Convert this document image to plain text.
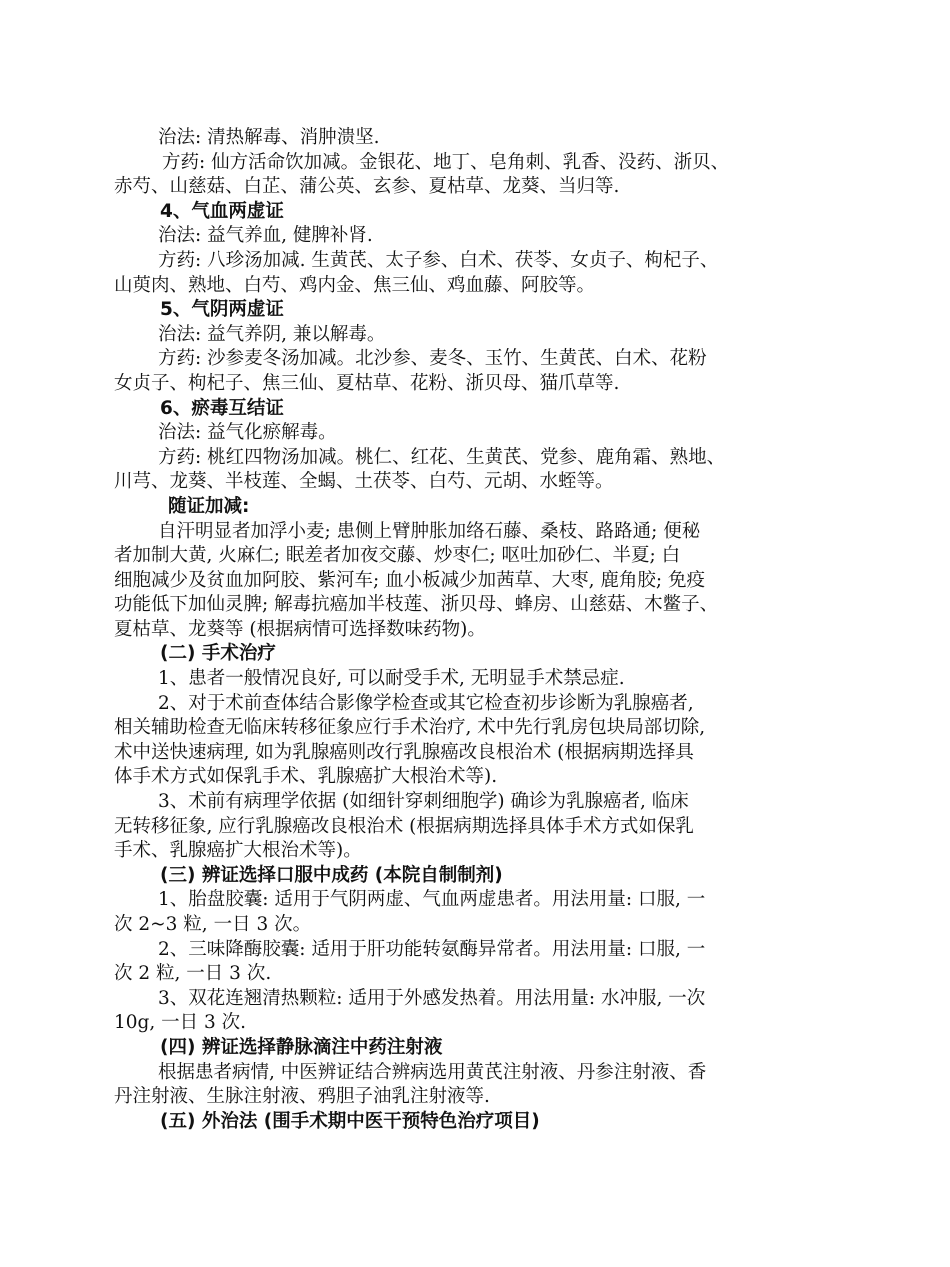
治法: 清热解毒、消肿溃坚.
方药: 仙方活命饮加减。金银花、地丁、皂角刺、乳香、没药、浙贝、
赤芍、山慈菇、白芷、蒲公英、玄参、夏枯草、龙葵、当归等.
4、气血两虚证
治法: 益气养血, 健脾补肾.
方药: 八珍汤加减. 生黄芪、太子参、白术、茯苓、女贞子、枸杞子、
山萸肉、熟地、白芍、鸡内金、焦三仙、鸡血藤、阿胶等。
5、气阴两虚证
治法: 益气养阴, 兼以解毒。
方药: 沙参麦冬汤加减。北沙参、麦冬、玉竹、生黄芪、白术、花粉
女贞子、枸杞子、焦三仙、夏枯草、花粉、浙贝母、猫爪草等.
6、瘀毒互结证
治法: 益气化瘀解毒。
方药: 桃红四物汤加减。桃仁、红花、生黄芪、党参、鹿角霜、熟地、
川芎、龙葵、半枝莲、全蝎、土茯苓、白芍、元胡、水蛭等。
随证加减:
自汗明显者加浮小麦; 患侧上臂肿胀加络石藤、桑枝、路路通; 便秘
者加制大黄, 火麻仁; 眠差者加夜交藤、炒枣仁; 呕吐加砂仁、半夏; 白
细胞减少及贫血加阿胶、紫河车; 血小板减少加茜草、大枣, 鹿角胶; 免疫
功能低下加仙灵脾; 解毒抗癌加半枝莲、浙贝母、蜂房、山慈菇、木鳖子、
夏枯草、龙葵等 (根据病情可选择数味药物)。
(二) 手术治疗
1、患者一般情况良好, 可以耐受手术, 无明显手术禁忌症.
2、对于术前查体结合影像学检查或其它检查初步诊断为乳腺癌者,
相关辅助检查无临床转移征象应行手术治疗, 术中先行乳房包块局部切除,
术中送快速病理, 如为乳腺癌则改行乳腺癌改良根治术 (根据病期选择具
体手术方式如保乳手术、乳腺癌扩大根治术等).
3、术前有病理学依据 (如细针穿刺细胞学) 确诊为乳腺癌者, 临床
无转移征象, 应行乳腺癌改良根治术 (根据病期选择具体手术方式如保乳
手术、乳腺癌扩大根治术等)。
(三) 辨证选择口服中成药 (本院自制制剂)
1、胎盘胶囊: 适用于气阴两虚、气血两虚患者。用法用量: 口服, 一
次 2~3 粒, 一日 3 次。
2、三味降酶胶囊: 适用于肝功能转氨酶异常者。用法用量: 口服, 一
次 2 粒, 一日 3 次.
3、双花连翘清热颗粒: 适用于外感发热着。用法用量: 水冲服, 一次
10g, 一日 3 次.
(四) 辨证选择静脉滴注中药注射液
根据患者病情, 中医辨证结合辨病选用黄芪注射液、丹参注射液、香
丹注射液、生脉注射液、鸦胆子油乳注射液等.
(五) 外治法 (围手术期中医干预特色治疗项目)
